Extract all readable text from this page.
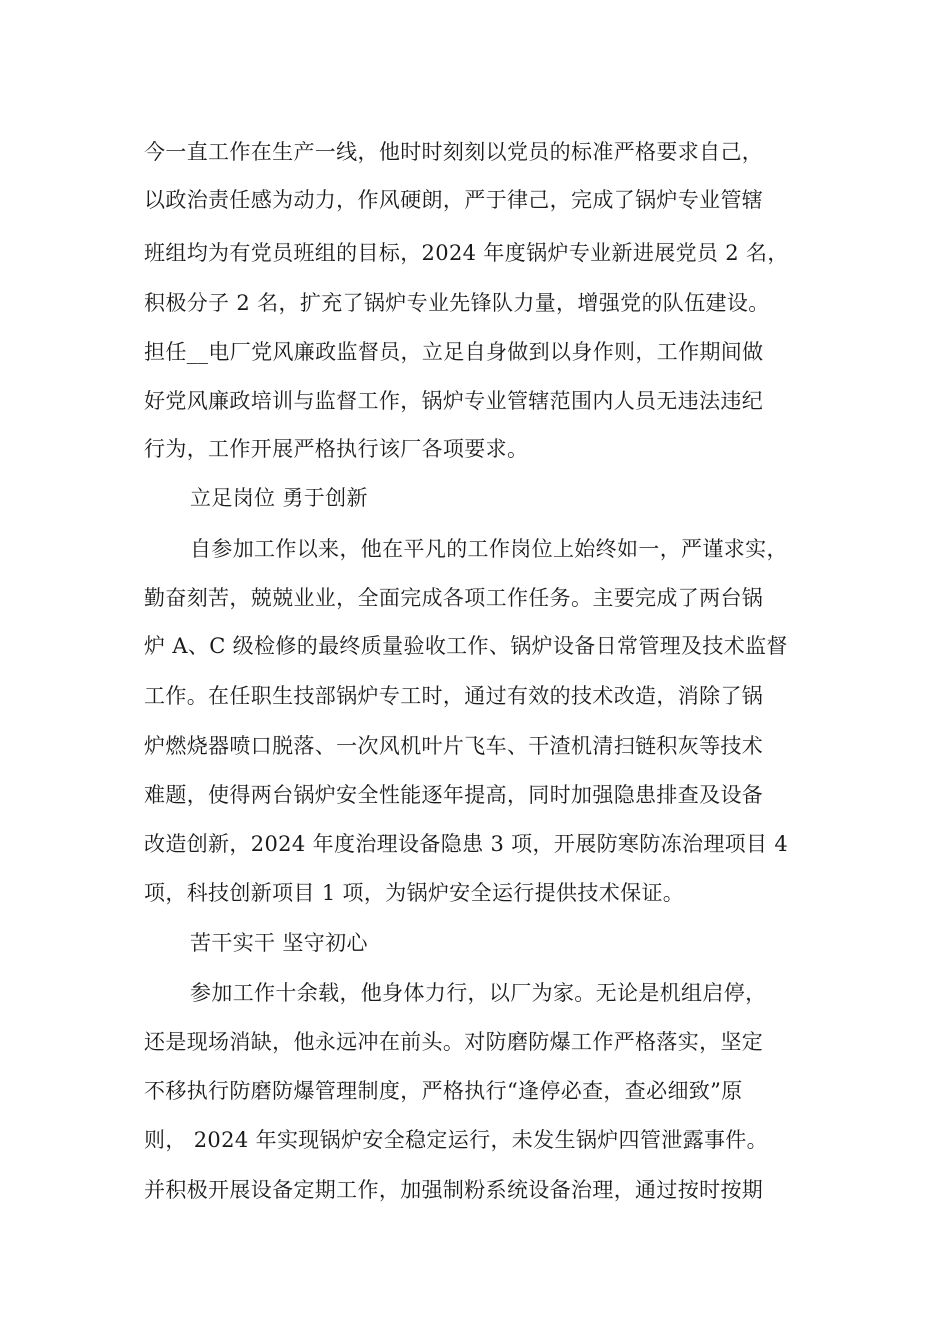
今一直工作在生产一线，他时时刻刻以党员的标准严格要求自己，
以政治责任感为动力，作风硬朗，严于律己，完成了锅炉专业管辖
班组均为有党员班组的目标，2024 年度锅炉专业新进展党员 2 名，
积极分子 2 名，扩充了锅炉专业先锋队力量，增强党的队伍建设。
担任__电厂党风廉政监督员，立足自身做到以身作则，工作期间做
好党风廉政培训与监督工作，锅炉专业管辖范围内人员无违法违纪
行为，工作开展严格执行该厂各项要求。
立足岗位 勇于创新
自参加工作以来，他在平凡的工作岗位上始终如一，严谨求实，
勤奋刻苦，兢兢业业，全面完成各项工作任务。主要完成了两台锅
炉 A、C 级检修的最终质量验收工作、锅炉设备日常管理及技术监督
工作。在任职生技部锅炉专工时，通过有效的技术改造，消除了锅
炉燃烧器喷口脱落、一次风机叶片飞车、干渣机清扫链积灰等技术
难题，使得两台锅炉安全性能逐年提高，同时加强隐患排查及设备
改造创新，2024 年度治理设备隐患 3 项，开展防寒防冻治理项目 4
项，科技创新项目 1 项，为锅炉安全运行提供技术保证。
苦干实干 坚守初心
参加工作十余载，他身体力行，以厂为家。无论是机组启停，
还是现场消缺，他永远冲在前头。对防磨防爆工作严格落实，坚定
不移执行防磨防爆管理制度，严格执行“逢停必查，查必细致”原
则， 2024 年实现锅炉安全稳定运行，未发生锅炉四管泄露事件。
并积极开展设备定期工作，加强制粉系统设备治理，通过按时按期
